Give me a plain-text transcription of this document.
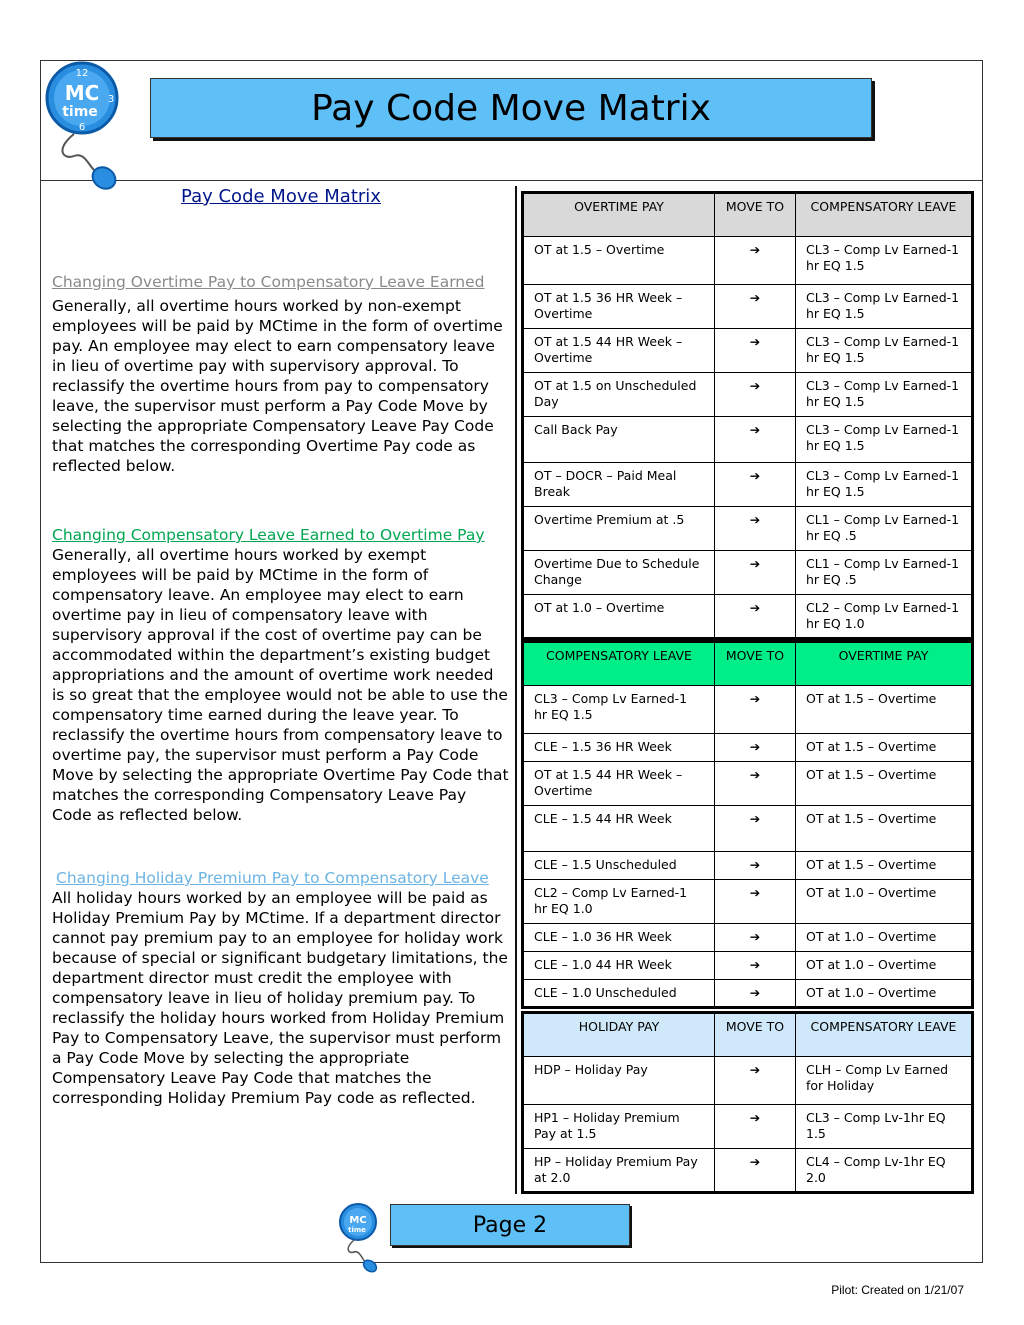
12
3
6
MC
time	Pay Code Move Matrix

Pay Code Move Matrix

Changing Overtime Pay to Compensatory Leave Earned

Generally, all overtime hours worked by non-exempt employees will be paid by MCtime in the form of overtime pay. An employee may elect to earn compensatory leave in lieu of overtime pay with supervisory approval. To reclassify the overtime hours from pay to compensatory leave, the supervisor must perform a Pay Code Move by selecting the appropriate Compensatory Leave Pay Code that matches the corresponding Overtime Pay code as reflected below.

Changing Compensatory Leave Earned to Overtime Pay

Generally, all overtime hours worked by exempt employees will be paid by MCtime in the form of compensatory leave. An employee may elect to earn overtime pay in lieu of compensatory leave with supervisory approval if the cost of overtime pay can be accommodated within the department’s existing budget appropriations and the amount of overtime work needed is so great that the employee would not be able to use the compensatory time earned during the leave year. To reclassify the overtime hours from compensatory leave to overtime pay, the supervisor must perform a Pay Code Move by selecting the appropriate Overtime Pay Code that matches the corresponding Compensatory Leave Pay Code as reflected below.

Changing Holiday Premium Pay to Compensatory Leave

All holiday hours worked by an employee will be paid as Holiday Premium Pay by MCtime. If a department director cannot pay premium pay to an employee for holiday work because of special or significant budgetary limitations, the department director must credit the employee with compensatory leave in lieu of holiday premium pay. To reclassify the holiday hours worked from Holiday Premium Pay to Compensatory Leave, the supervisor must perform a Pay Code Move by selecting the appropriate Compensatory Leave Pay Code that matches the corresponding Holiday Premium Pay code as reflected.

OVERTIME PAY	MOVE TO	COMPENSATORY LEAVE
OT at 1.5 – Overtime	➔	CL3 – Comp Lv Earned-1 hr EQ 1.5
OT at 1.5 36 HR Week – Overtime	➔	CL3 – Comp Lv Earned-1 hr EQ 1.5
OT at 1.5 44 HR Week – Overtime	➔	CL3 – Comp Lv Earned-1 hr EQ 1.5
OT at 1.5 on Unscheduled Day	➔	CL3 – Comp Lv Earned-1 hr EQ 1.5
Call Back Pay	➔	CL3 – Comp Lv Earned-1 hr EQ 1.5
OT – DOCR – Paid Meal Break	➔	CL3 – Comp Lv Earned-1 hr EQ 1.5
Overtime Premium at .5	➔	CL1 – Comp Lv Earned-1 hr EQ .5
Overtime Due to Schedule Change	➔	CL1 – Comp Lv Earned-1 hr EQ .5
OT at 1.0 – Overtime	➔	CL2 – Comp Lv Earned-1 hr EQ 1.0
COMPENSATORY LEAVE	MOVE TO	OVERTIME PAY
CL3 – Comp Lv Earned-1 hr EQ 1.5	➔	OT at 1.5 – Overtime
CLE – 1.5 36 HR Week	➔	OT at 1.5 – Overtime
OT at 1.5 44 HR Week – Overtime	➔	OT at 1.5 – Overtime
CLE – 1.5 44 HR Week	➔	OT at 1.5 – Overtime
CLE – 1.5 Unscheduled	➔	OT at 1.5 – Overtime
CL2 – Comp Lv Earned-1 hr EQ 1.0	➔	OT at 1.0 – Overtime
CLE – 1.0 36 HR Week	➔	OT at 1.0 – Overtime
CLE – 1.0 44 HR Week	➔	OT at 1.0 – Overtime
CLE – 1.0 Unscheduled	➔	OT at 1.0 – Overtime
HOLIDAY PAY	MOVE TO	COMPENSATORY LEAVE
HDP – Holiday Pay	➔	CLH – Comp Lv Earned for Holiday
HP1 – Holiday Premium Pay at 1.5	➔	CL3 – Comp Lv-1hr EQ 1.5
HP – Holiday Premium Pay at 2.0	➔	CL4 – Comp Lv-1hr EQ 2.0
MC
time	Page 2
Pilot: Created on 1/21/07
